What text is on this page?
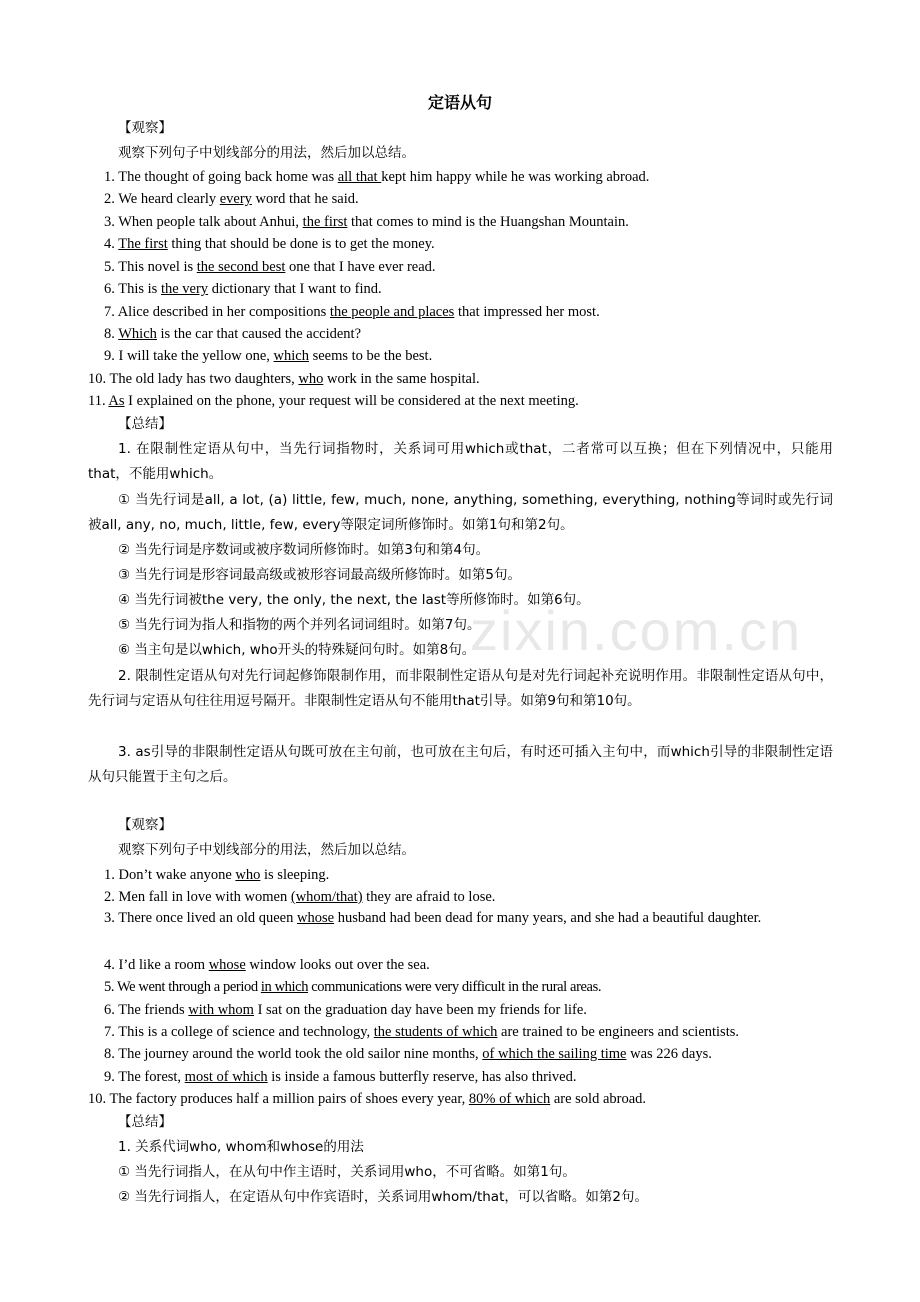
定语从句
【观察】
观察下列句子中划线部分的用法，然后加以总结。
1. The thought of going back home was all that kept him happy while he was working abroad.
2. We heard clearly every word that he said.
3. When people talk about Anhui, the first that comes to mind is the Huangshan Mountain.
4. The first thing that should be done is to get the money.
5. This novel is the second best one that I have ever read.
6. This is the very dictionary that I want to find.
7. Alice described in her compositions the people and places that impressed her most.
8. Which is the car that caused the accident?
9. I will take the yellow one, which seems to be the best.
10. The old lady has two daughters, who work in the same hospital.
11. As I explained on the phone, your request will be considered at the next meeting.
【总结】
1. 在限制性定语从句中，当先行词指物时，关系词可用which或that，二者常可以互换；但在下列情况中，只能用that，不能用which。
① 当先行词是all, a lot, (a) little, few, much, none, anything, something, everything, nothing等词时或先行词被all, any, no, much, little, few, every等限定词所修饰时。如第1句和第2句。
② 当先行词是序数词或被序数词所修饰时。如第3句和第4句。
③ 当先行词是形容词最高级或被形容词最高级所修饰时。如第5句。
④ 当先行词被the very, the only, the next, the last等所修饰时。如第6句。
⑤ 当先行词为指人和指物的两个并列名词词组时。如第7句。
⑥ 当主句是以which, who开头的特殊疑问句时。如第8句。
2. 限制性定语从句对先行词起修饰限制作用，而非限制性定语从句是对先行词起补充说明作用。非限制性定语从句中，先行词与定语从句往往用逗号隔开。非限制性定语从句不能用that引导。如第9句和第10句。
3. as引导的非限制性定语从句既可放在主句前，也可放在主句后，有时还可插入主句中，而which引导的非限制性定语从句只能置于主句之后。
【观察】
观察下列句子中划线部分的用法，然后加以总结。
1. Don’t wake anyone who is sleeping.
2. Men fall in love with women (whom/that) they are afraid to lose.
3. There once lived an old queen whose husband had been dead for many years, and she had a beautiful daughter.
4. I’d like a room whose window looks out over the sea.
5. We went through a period in which communications were very difficult in the rural areas.
6. The friends with whom I sat on the graduation day have been my friends for life.
7. This is a college of science and technology, the students of which are trained to be engineers and scientists.
8. The journey around the world took the old sailor nine months, of which the sailing time was 226 days.
9. The forest, most of which is inside a famous butterfly reserve, has also thrived.
10. The factory produces half a million pairs of shoes every year, 80% of which are sold abroad.
【总结】
1. 关系代词who, whom和whose的用法
① 当先行词指人，在从句中作主语时，关系词用who，不可省略。如第1句。
② 当先行词指人，在定语从句中作宾语时，关系词用whom/that，可以省略。如第2句。
zixin.com.cn
